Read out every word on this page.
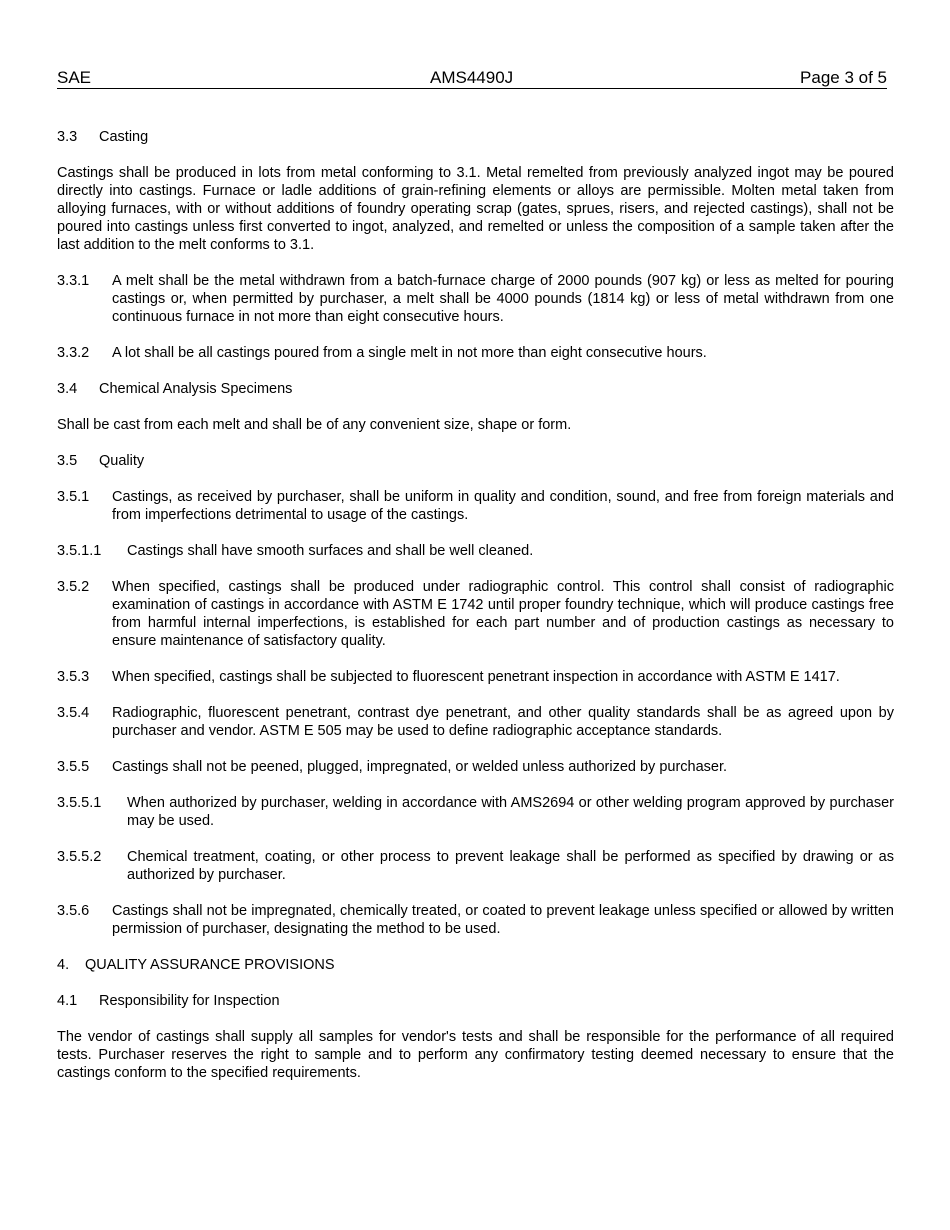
SAE	AMS4490J	Page 3 of 5
3.3 Casting
Castings shall be produced in lots from metal conforming to 3.1. Metal remelted from previously analyzed ingot may be poured directly into castings. Furnace or ladle additions of grain-refining elements or alloys are permissible. Molten metal taken from alloying furnaces, with or without additions of foundry operating scrap (gates, sprues, risers, and rejected castings), shall not be poured into castings unless first converted to ingot, analyzed, and remelted or unless the composition of a sample taken after the last addition to the melt conforms to 3.1.
3.3.1 A melt shall be the metal withdrawn from a batch-furnace charge of 2000 pounds (907 kg) or less as melted for pouring castings or, when permitted by purchaser, a melt shall be 4000 pounds (1814 kg) or less of metal withdrawn from one continuous furnace in not more than eight consecutive hours.
3.3.2 A lot shall be all castings poured from a single melt in not more than eight consecutive hours.
3.4 Chemical Analysis Specimens
Shall be cast from each melt and shall be of any convenient size, shape or form.
3.5 Quality
3.5.1 Castings, as received by purchaser, shall be uniform in quality and condition, sound, and free from foreign materials and from imperfections detrimental to usage of the castings.
3.5.1.1 Castings shall have smooth surfaces and shall be well cleaned.
3.5.2 When specified, castings shall be produced under radiographic control. This control shall consist of radiographic examination of castings in accordance with ASTM E 1742 until proper foundry technique, which will produce castings free from harmful internal imperfections, is established for each part number and of production castings as necessary to ensure maintenance of satisfactory quality.
3.5.3 When specified, castings shall be subjected to fluorescent penetrant inspection in accordance with ASTM E 1417.
3.5.4 Radiographic, fluorescent penetrant, contrast dye penetrant, and other quality standards shall be as agreed upon by purchaser and vendor. ASTM E 505 may be used to define radiographic acceptance standards.
3.5.5 Castings shall not be peened, plugged, impregnated, or welded unless authorized by purchaser.
3.5.5.1 When authorized by purchaser, welding in accordance with AMS2694 or other welding program approved by purchaser may be used.
3.5.5.2 Chemical treatment, coating, or other process to prevent leakage shall be performed as specified by drawing or as authorized by purchaser.
3.5.6 Castings shall not be impregnated, chemically treated, or coated to prevent leakage unless specified or allowed by written permission of purchaser, designating the method to be used.
4. QUALITY ASSURANCE PROVISIONS
4.1 Responsibility for Inspection
The vendor of castings shall supply all samples for vendor's tests and shall be responsible for the performance of all required tests. Purchaser reserves the right to sample and to perform any confirmatory testing deemed necessary to ensure that the castings conform to the specified requirements.
